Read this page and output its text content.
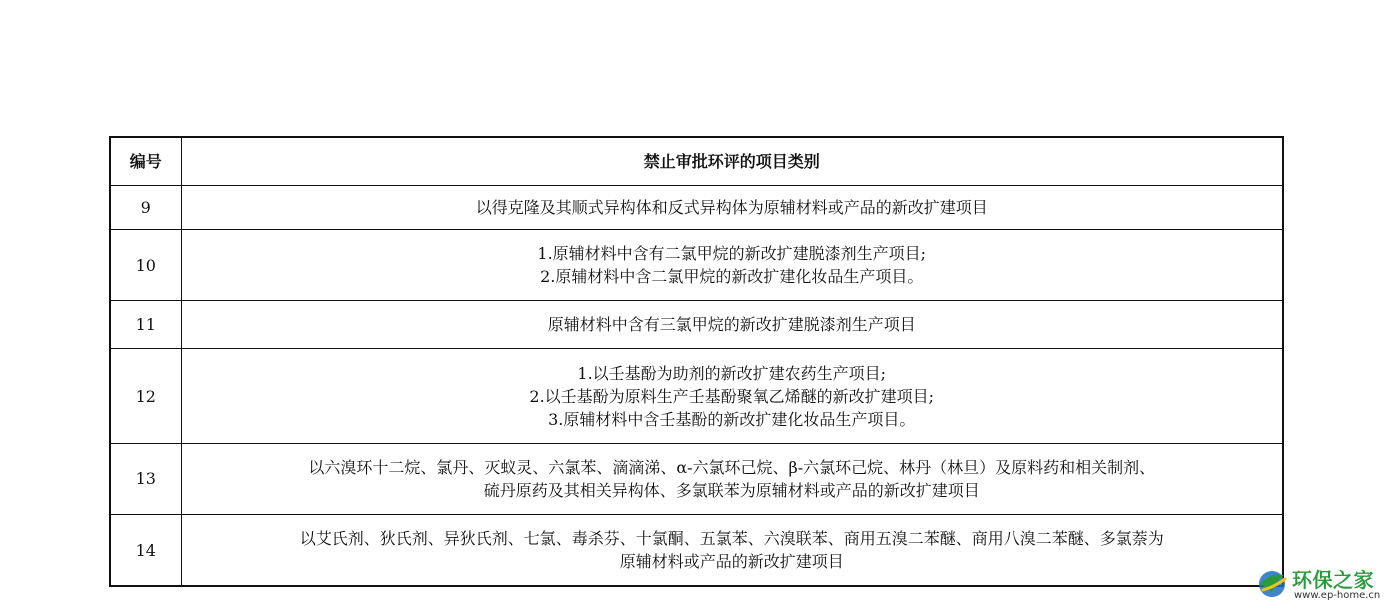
编号	禁止审批环评的项目类别
9	以得克隆及其顺式异构体和反式异构体为原辅材料或产品的新改扩建项目

10	1.原辅材料中含有二氯甲烷的新改扩建脱漆剂生产项目;
2.原辅材料中含二氯甲烷的新改扩建化妆品生产项目。

11	原辅材料中含有三氯甲烷的新改扩建脱漆剂生产项目

12	1.以壬基酚为助剂的新改扩建农药生产项目;
2.以壬基酚为原料生产壬基酚聚氧乙烯醚的新改扩建项目;
3.原辅材料中含壬基酚的新改扩建化妆品生产项目。

13	以六溴环十二烷、氯丹、灭蚁灵、六氯苯、滴滴涕、α-六氯环己烷、β-六氯环己烷、林丹（林旦）及原料药和相关制剂、
硫丹原药及其相关异构体、多氯联苯为原辅材料或产品的新改扩建项目

14	以艾氏剂、狄氏剂、异狄氏剂、七氯、毒杀芬、十氯酮、五氯苯、六溴联苯、商用五溴二苯醚、商用八溴二苯醚、多氯萘为
原辅材料或产品的新改扩建项目
环保之家
www.ep-home.cn
